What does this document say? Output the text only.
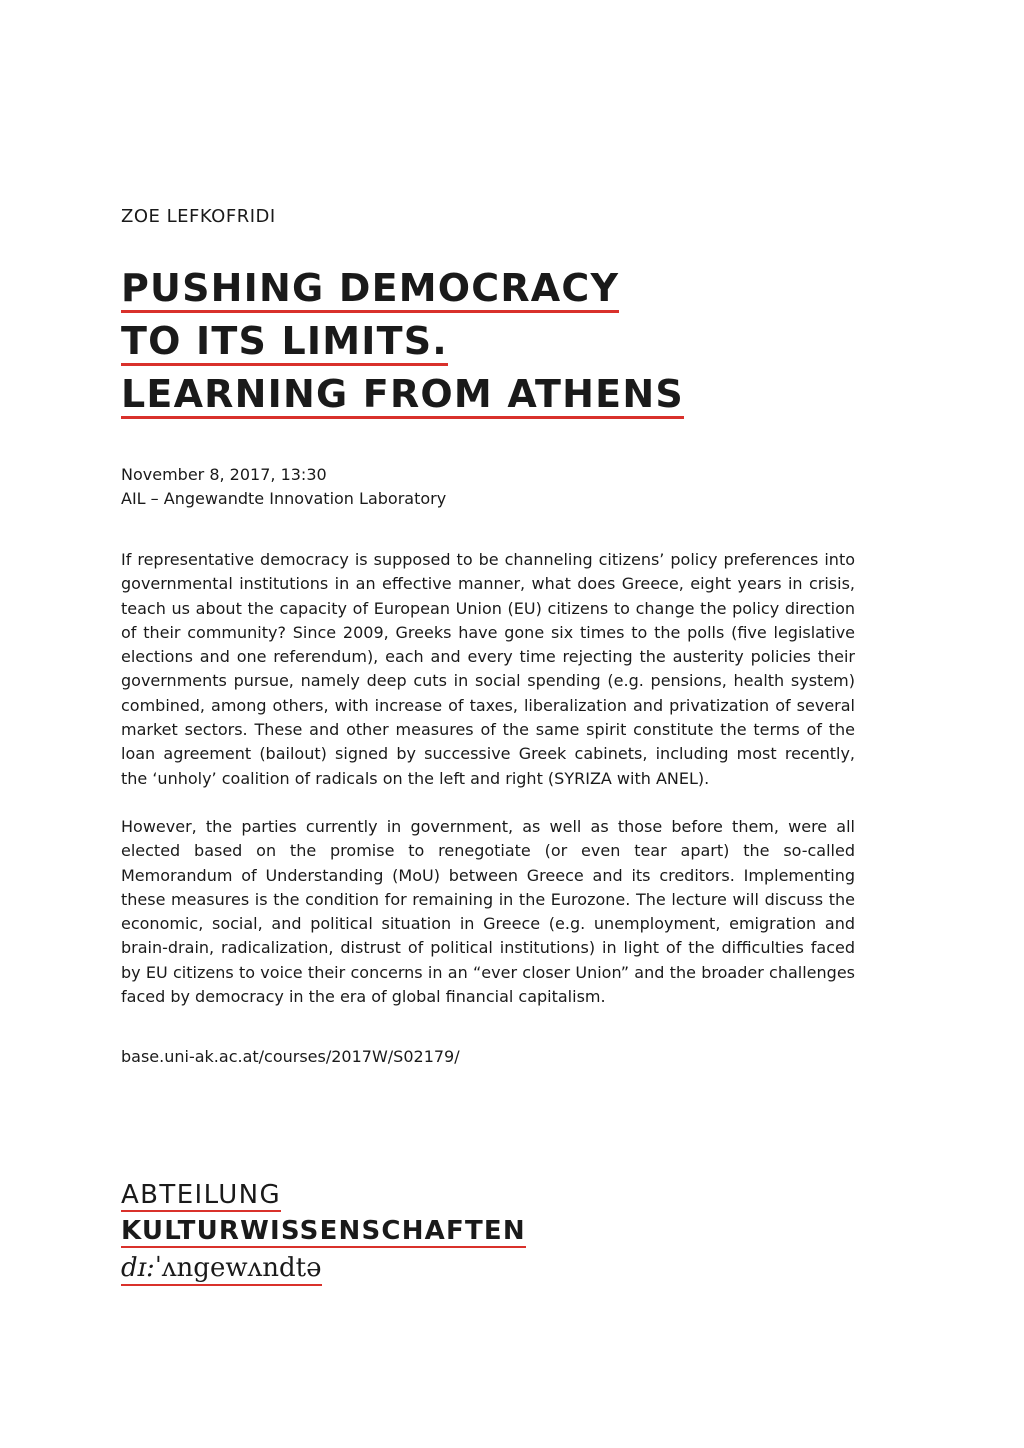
ZOE LEFKOFRIDI
PUSHING DEMOCRACY
TO ITS LIMITS.
LEARNING FROM ATHENS
November 8, 2017, 13:30
AIL – Angewandte Innovation Laboratory

If representative democracy is supposed to be channeling citizens’ policy preferences into governmental institutions in an effective manner, what does Greece, eight years in crisis, teach us about the capacity of European Union (EU) citizens to change the policy direction of their community? Since 2009, Greeks have gone six times to the polls (five legislative elections and one referendum), each and every time rejecting the austerity policies their governments pursue, namely deep cuts in social spending (e.g. pensions, health system) combined, among others, with increase of taxes, liberalization and privatization of several market sectors. These and other measures of the same spirit constitute the terms of the loan agreement (bailout) signed by successive Greek cabinets, including most recently, the ‘unholy’ coalition of radicals on the left and right (SYRIZA with ANEL).

However, the parties currently in government, as well as those before them, were all elected based on the promise to renegotiate (or even tear apart) the so-called Memorandum of Understanding (MoU) between Greece and its creditors. Implementing these measures is the condition for remaining in the Eurozone. The lecture will discuss the economic, social, and political situation in Greece (e.g. unemployment, emigration and brain-drain, radicalization, distrust of political institutions) in light of the difficulties faced by EU citizens to voice their concerns in an “ever closer Union” and the broader challenges faced by democracy in the era of global financial capitalism.

base.uni-ak.ac.at/courses/2017W/S02179/
ABTEILUNG
KULTURWISSENSCHAFTEN
dɪ:ˈʌngewʌndtə
